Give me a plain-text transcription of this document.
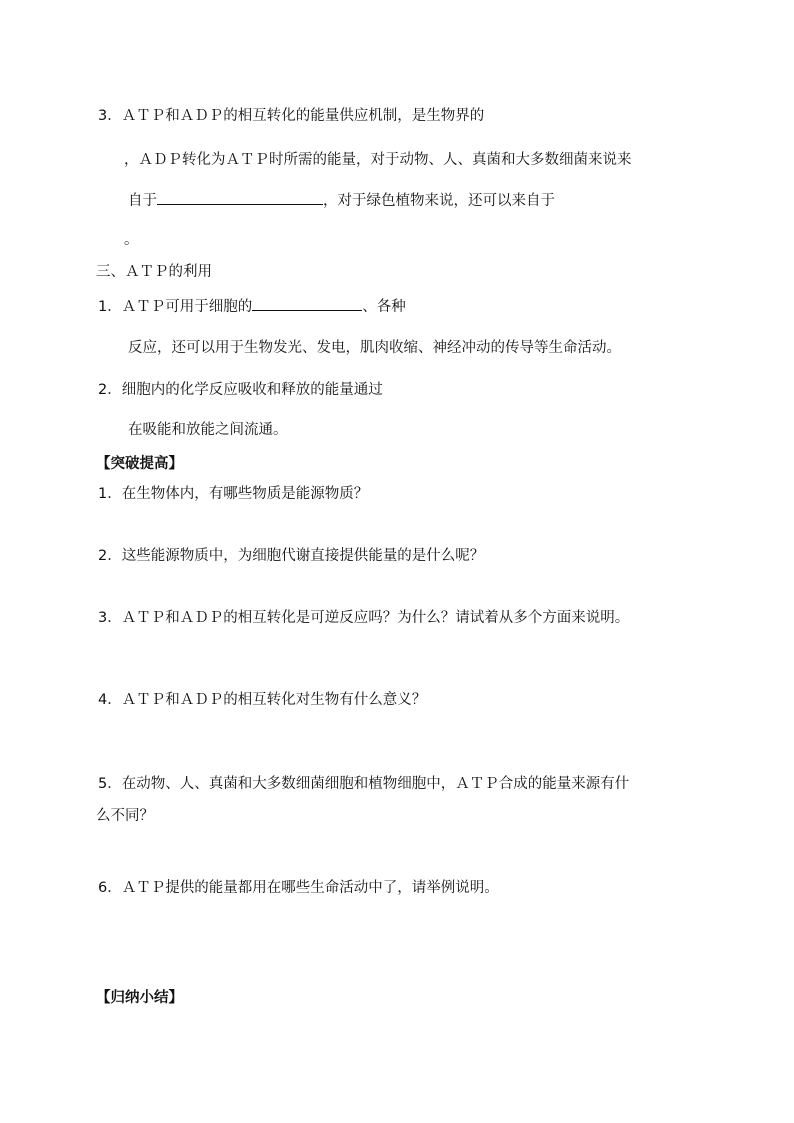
3．ＡＴＰ和ＡＤＰ的相互转化的能量供应机制，是生物界的
，ＡＤＰ转化为ＡＴＰ时所需的能量，对于动物、人、真菌和大多数细菌来说来
自于	，对于绿色植物来说，还可以来自于
。
三、ＡＴＰ的利用
1．ＡＴＰ可用于细胞的	、各种
反应，还可以用于生物发光、发电，肌肉收缩、神经冲动的传导等生命活动。
2．细胞内的化学反应吸收和释放的能量通过
在吸能和放能之间流通。
【突破提高】
1．在生物体内，有哪些物质是能源物质？
2．这些能源物质中，为细胞代谢直接提供能量的是什么呢？
3．ＡＴＰ和ＡＤＰ的相互转化是可逆反应吗？为什么？请试着从多个方面来说明。
4．ＡＴＰ和ＡＤＰ的相互转化对生物有什么意义？
5．在动物、人、真菌和大多数细菌细胞和植物细胞中，ＡＴＰ合成的能量来源有什
么不同？
6．ＡＴＰ提供的能量都用在哪些生命活动中了，请举例说明。
【归纳小结】
